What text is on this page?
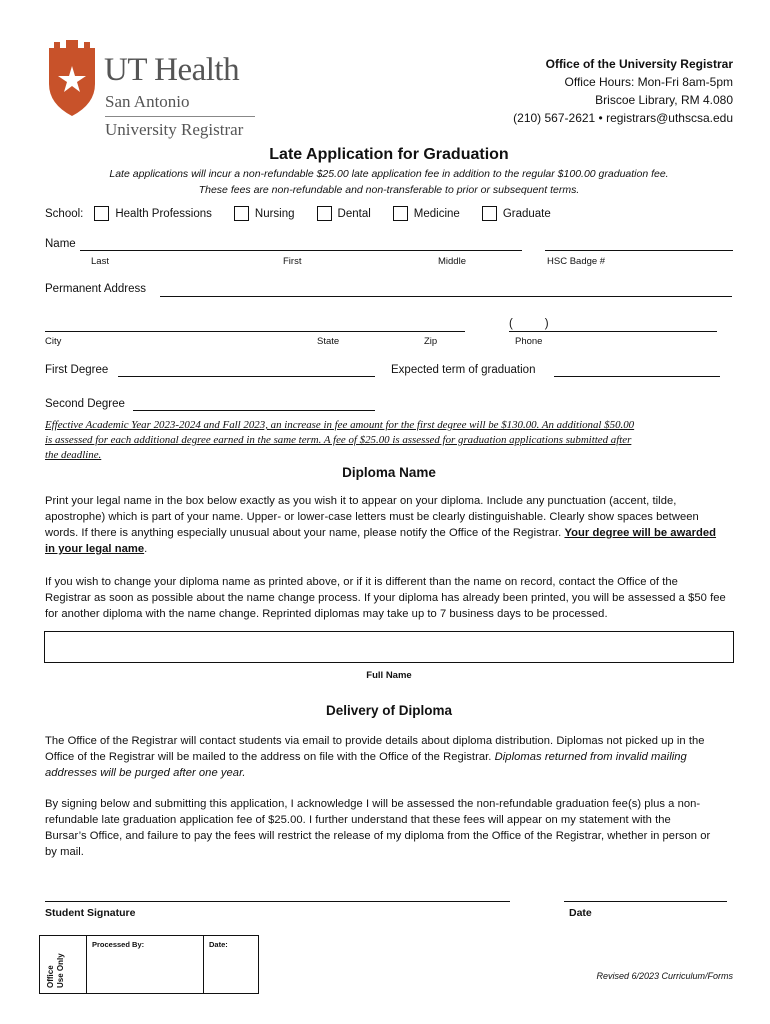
UT Health
San Antonio
University Registrar
Office of the University Registrar
Office Hours: Mon-Fri 8am-5pm
Briscoe Library, RM 4.080
(210) 567-2621 • registrars@uthscsa.edu
Late Application for Graduation
Late applications will incur a non-refundable $25.00 late application fee in addition to the regular $100.00 graduation fee.
These fees are non-refundable and non-transferable to prior or subsequent terms.
School:	Health Professions	Nursing	Dental	Medicine	Graduate
Name
Last	First	Middle	HSC Badge #
Permanent Address
(          )
City	State	Zip	Phone
First Degree	Expected term of graduation
Second Degree
Effective Academic Year 2023-2024 and Fall 2023, an increase in fee amount for the first degree will be $130.00. An additional $50.00
is assessed for each additional degree earned in the same term. A fee of $25.00 is assessed for graduation applications submitted after
the deadline.
Diploma Name
Print your legal name in the box below exactly as you wish it to appear on your diploma. Include any punctuation (accent, tilde,
apostrophe) which is part of your name. Upper- or lower-case letters must be clearly distinguishable. Clearly show spaces between
words. If there is anything especially unusual about your name, please notify the Office of the Registrar. Your degree will be awarded
in your legal name.
If you wish to change your diploma name as printed above, or if it is different than the name on record, contact the Office of the
Registrar as soon as possible about the name change process. If your diploma has already been printed, you will be assessed a $50 fee
for another diploma with the name change. Reprinted diplomas may take up to 7 business days to be processed.
Full Name
Delivery of Diploma
The Office of the Registrar will contact students via email to provide details about diploma distribution. Diplomas not picked up in the
Office of the Registrar will be mailed to the address on file with the Office of the Registrar. Diplomas returned from invalid mailing
addresses will be purged after one year.
By signing below and submitting this application, I acknowledge I will be assessed the non-refundable graduation fee(s) plus a non-
refundable late graduation application fee of $25.00. I further understand that these fees will appear on my statement with the
Bursar’s Office, and failure to pay the fees will restrict the release of my diploma from the Office of the Registrar, whether in person or
by mail.
Student Signature	Date
Office Use Only
Processed By:	Date:
Revised 6/2023 Curriculum/Forms
